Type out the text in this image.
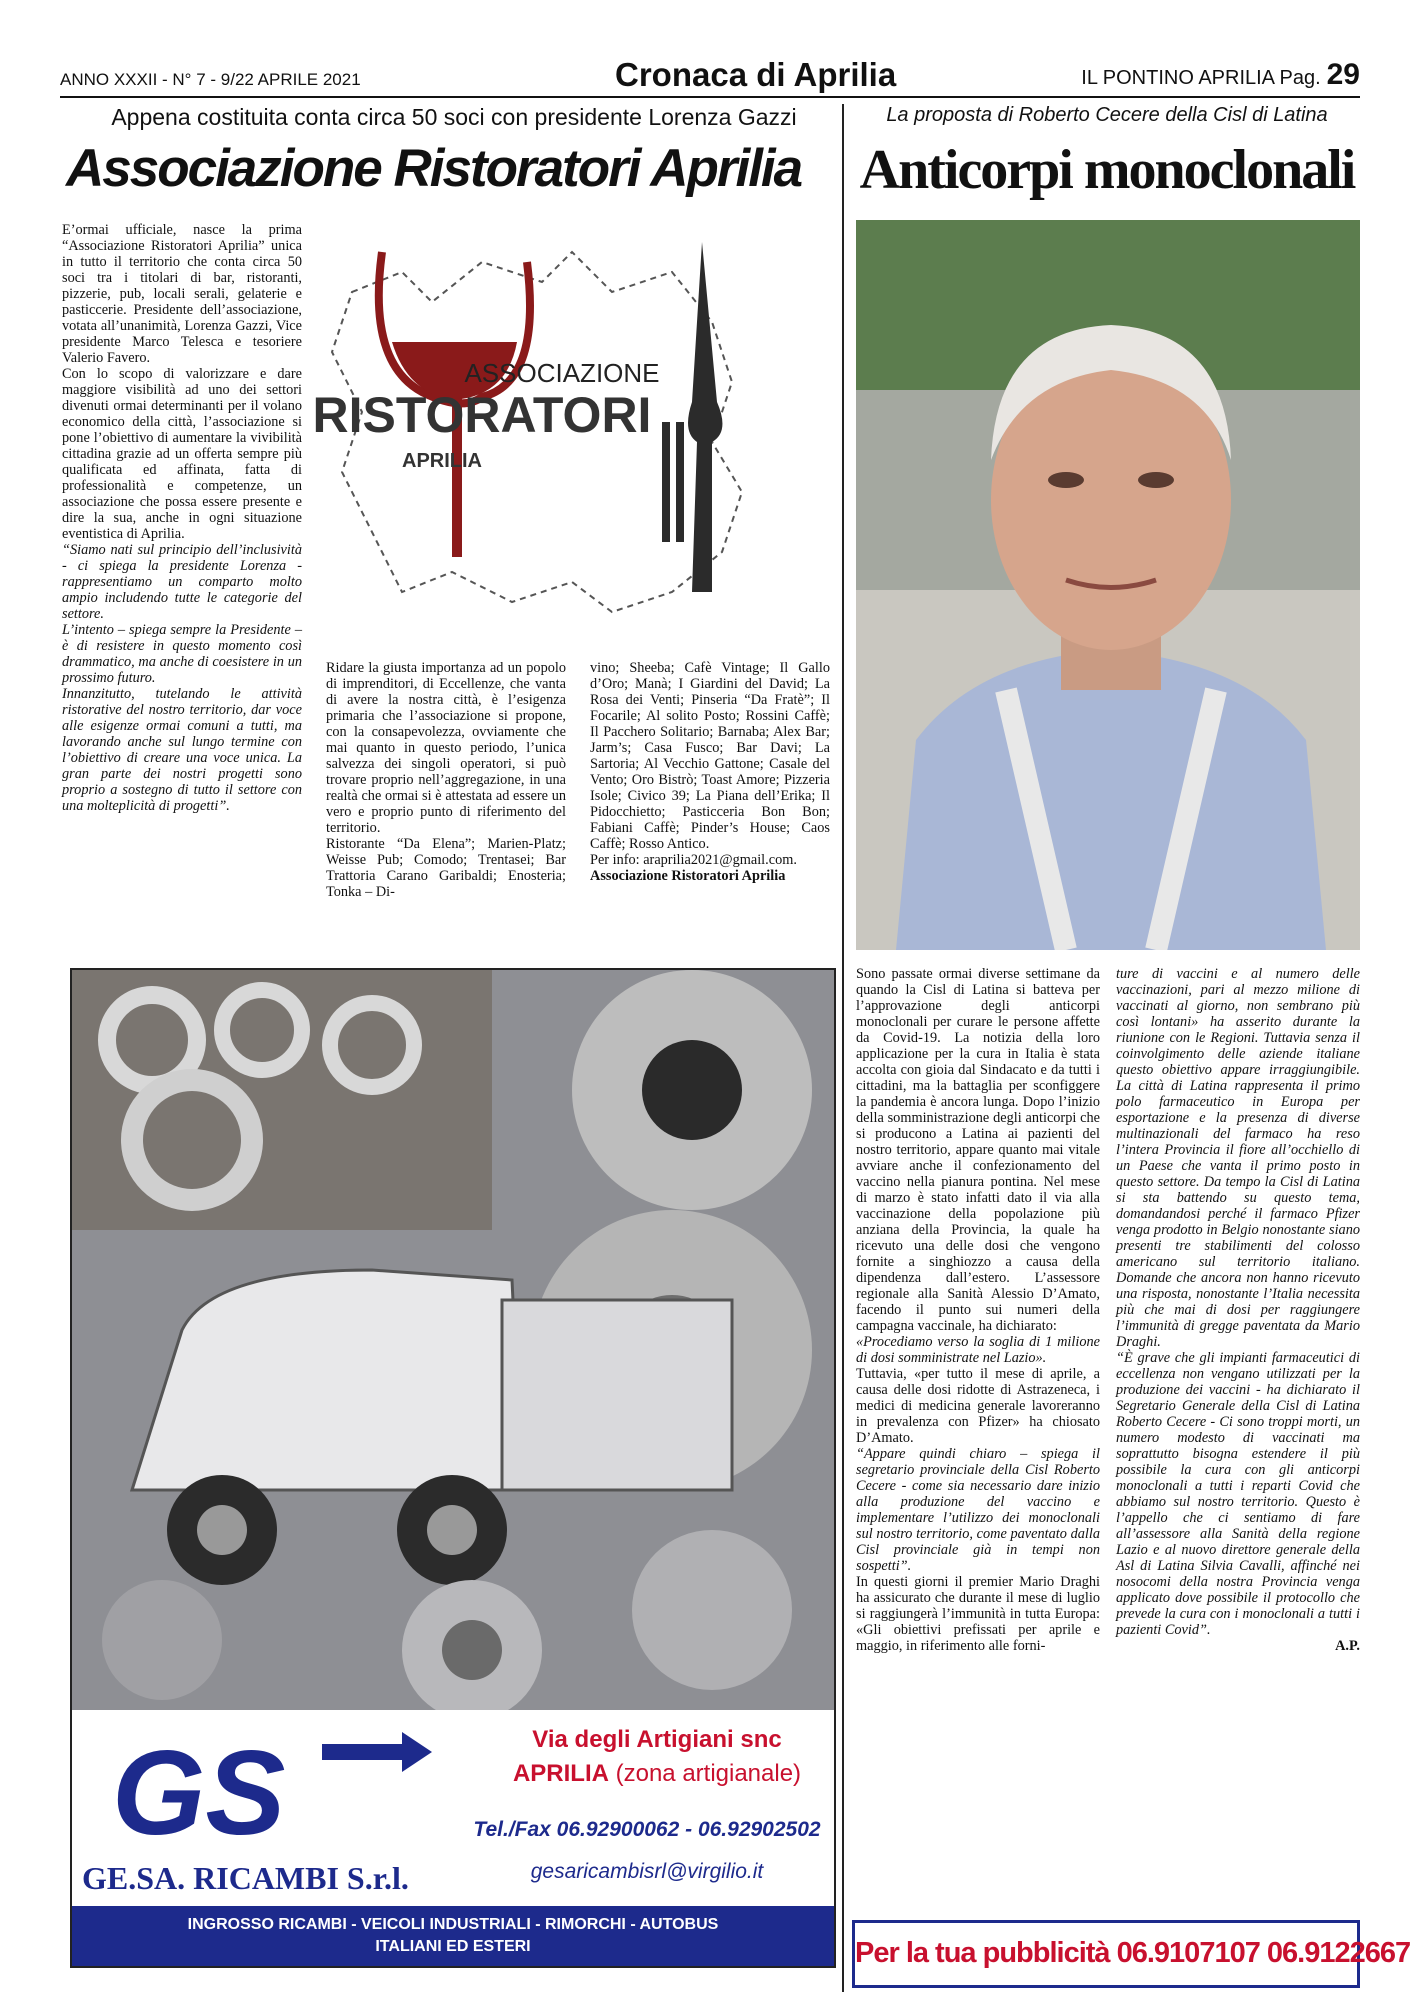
ANNO XXXII - N° 7 - 9/22 APRILE 2021	Cronaca di Aprilia	IL PONTINO APRILIA Pag. 29
Appena costituita conta circa 50 soci con presidente Lorenza Gazzi
Associazione Ristoratori Aprilia
La proposta di Roberto Cecere della Cisl di Latina
Anticorpi monoclonali

E’ormai ufficiale, nasce la prima “Associazione Ristoratori Aprilia” unica in tutto il territorio che conta circa 50 soci tra i titolari di bar, ristoranti, pizzerie, pub, locali serali, gelaterie e pasticcerie. Presidente dell’associazione, votata all’unanimità, Lorenza Gazzi, Vice presidente Marco Telesca e tesoriere Valerio Favero.

Con lo scopo di valorizzare e dare maggiore visibilità ad uno dei settori divenuti ormai determinanti per il volano economico della città, l’associazione si pone l’obiettivo di aumentare la vivibilità cittadina grazie ad un offerta sempre più qualificata ed affinata, fatta di professionalità e competenze, un associazione che possa essere presente e dire la sua, anche in ogni situazione eventistica di Aprilia.

“Siamo nati sul principio dell’inclusività - ci spiega la presidente Lorenza - rappresentiamo un comparto molto ampio includendo tutte le categorie del settore.

L’intento – spiega sempre la Presidente – è di resistere in questo momento così drammatico, ma anche di coesistere in un prossimo futuro.

Innanzitutto, tutelando le attività ristorative del nostro territorio, dar voce alle esigenze ormai comuni a tutti, ma lavorando anche sul lungo termine con l’obiettivo di creare una voce unica. La gran parte dei nostri progetti sono proprio a sostegno di tutto il settore con una molteplicità di progetti”.

ASSOCIAZIONE
RISTORATORI
APRILIA

Ridare la giusta importanza ad un popolo di imprenditori, di Eccellenze, che vanta di avere la nostra città, è l’esigenza primaria che l’associazione si propone, con la consapevolezza, ovviamente che mai quanto in questo periodo, l’unica salvezza dei singoli operatori, si può trovare proprio nell’aggregazione, in una realtà che ormai si è attestata ad essere un vero e proprio punto di riferimento del territorio.

Ristorante “Da Elena”; Marien-Platz; Weisse Pub; Comodo; Trentasei; Bar Trattoria Carano Garibaldi; Enosteria; Tonka – Di-

vino; Sheeba; Cafè Vintage; Il Gallo d’Oro; Manà; I Giardini del David; La Rosa dei Venti; Pinseria “Da Fratè”; Il Focarile; Al solito Posto; Rossini Caffè; Il Pacchero Solitario; Barnaba; Alex Bar; Jarm’s; Casa Fusco; Bar Davi; La Sartoria; Al Vecchio Gattone; Casale del Vento; Oro Bistrò; Toast Amore; Pizzeria Isole; Civico 39; La Piana dell’Erika; Il Pidocchietto; Pasticceria Bon Bon; Fabiani Caffè; Pinder’s House; Caos Caffè; Rosso Antico.

Per info: araprilia2021@gmail.com.

Associazione Ristoratori Aprilia

Sono passate ormai diverse settimane da quando la Cisl di Latina si batteva per l’approvazione degli anticorpi monoclonali per curare le persone affette da Covid-19. La notizia della loro applicazione per la cura in Italia è stata accolta con gioia dal Sindacato e da tutti i cittadini, ma la battaglia per sconfiggere la pandemia è ancora lunga. Dopo l’inizio della somministrazione degli anticorpi che si producono a Latina ai pazienti del nostro territorio, appare quanto mai vitale avviare anche il confezionamento del vaccino nella pianura pontina. Nel mese di marzo è stato infatti dato il via alla vaccinazione della popolazione più anziana della Provincia, la quale ha ricevuto una delle dosi che vengono fornite a singhiozzo a causa della dipendenza dall’estero. L’assessore regionale alla Sanità Alessio D’Amato, facendo il punto sui numeri della campagna vaccinale, ha dichiarato:

«Procediamo verso la soglia di 1 milione di dosi somministrate nel Lazio».

Tuttavia, «per tutto il mese di aprile, a causa delle dosi ridotte di Astrazeneca, i medici di medicina generale lavoreranno in prevalenza con Pfizer» ha chiosato D’Amato.

“Appare quindi chiaro – spiega il segretario provinciale della Cisl Roberto Cecere - come sia necessario dare inizio alla produzione del vaccino e implementare l’utilizzo dei monoclonali sul nostro territorio, come paventato dalla Cisl provinciale già in tempi non sospetti”.

In questi giorni il premier Mario Draghi ha assicurato che durante il mese di luglio si raggiungerà l’immunità in tutta Europa: «Gli obiettivi prefissati per aprile e maggio, in riferimento alle forni-

ture di vaccini e al numero delle vaccinazioni, pari al mezzo milione di vaccinati al giorno, non sembrano più così lontani» ha asserito durante la riunione con le Regioni. Tuttavia senza il coinvolgimento delle aziende italiane questo obiettivo appare irraggiungibile. La città di Latina rappresenta il primo polo farmaceutico in Europa per esportazione e la presenza di diverse multinazionali del farmaco ha reso l’intera Provincia il fiore all’occhiello di un Paese che vanta il primo posto in questo settore. Da tempo la Cisl di Latina si sta battendo su questo tema, domandandosi perché il farmaco Pfizer venga prodotto in Belgio nonostante siano presenti tre stabilimenti del colosso americano sul territorio italiano. Domande che ancora non hanno ricevuto una risposta, nonostante l’Italia necessita più che mai di dosi per raggiungere l’immunità di gregge paventata da Mario Draghi.

“È grave che gli impianti farmaceutici di eccellenza non vengano utilizzati per la produzione dei vaccini - ha dichiarato il Segretario Generale della Cisl di Latina Roberto Cecere - Ci sono troppi morti, un numero modesto di vaccinati ma soprattutto bisogna estendere il più possibile la cura con gli anticorpi monoclonali a tutti i reparti Covid che abbiamo sul nostro territorio. Questo è l’appello che ci sentiamo di fare all’assessore alla Sanità della regione Lazio e al nuovo direttore generale della Asl di Latina Silvia Cavalli, affinché nei nosocomi della nostra Provincia venga applicato dove possibile il protocollo che prevede la cura con i monoclonali a tutti i pazienti Covid”.

A.P.

GS
GE.SA. RICAMBI S.r.l.
Via degli Artigiani snc
APRILIA (zona artigianale)
Tel./Fax 06.92900062 - 06.92902502
gesaricambisrl@virgilio.it
INGROSSO RICAMBI - VEICOLI INDUSTRIALI - RIMORCHI - AUTOBUS
ITALIANI ED ESTERI	Per la tua pubblicità 06.9107107 06.9122667
